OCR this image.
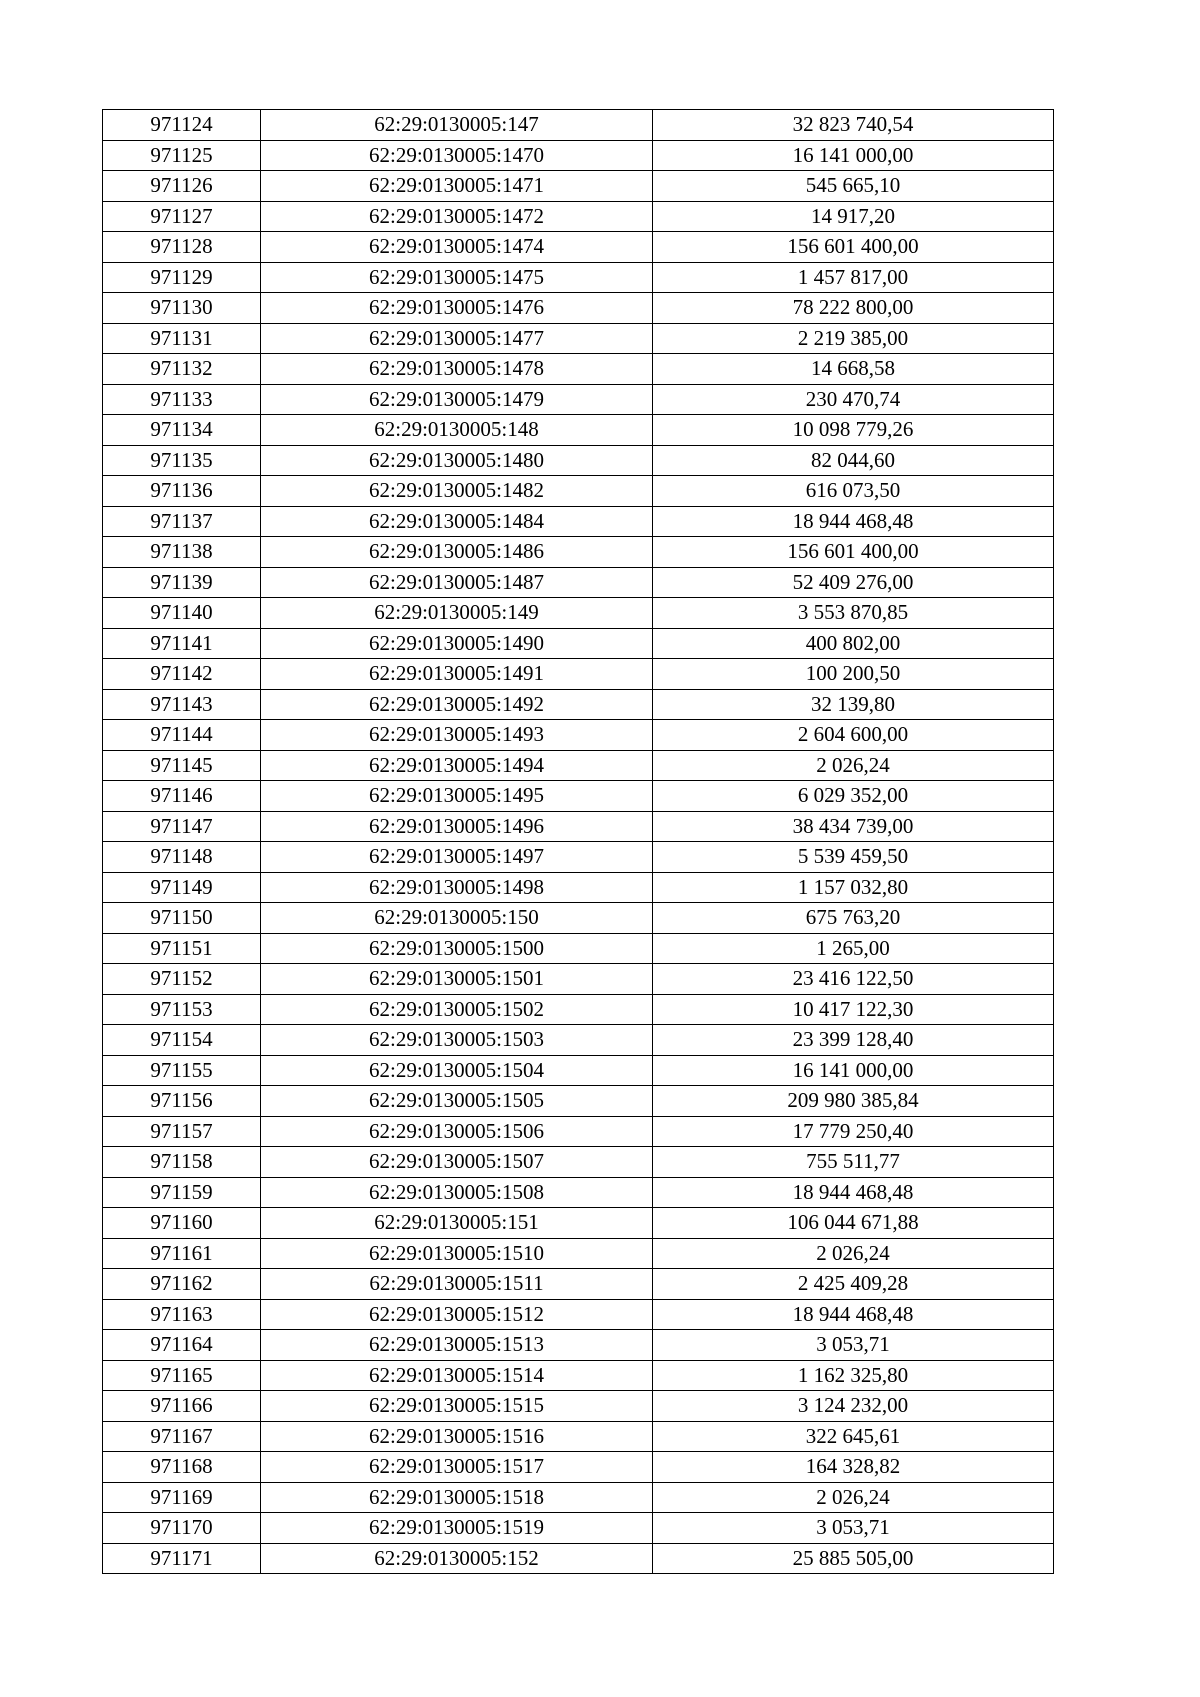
971124	62:29:0130005:147	32 823 740,54
971125	62:29:0130005:1470	16 141 000,00
971126	62:29:0130005:1471	545 665,10
971127	62:29:0130005:1472	14 917,20
971128	62:29:0130005:1474	156 601 400,00
971129	62:29:0130005:1475	1 457 817,00
971130	62:29:0130005:1476	78 222 800,00
971131	62:29:0130005:1477	2 219 385,00
971132	62:29:0130005:1478	14 668,58
971133	62:29:0130005:1479	230 470,74
971134	62:29:0130005:148	10 098 779,26
971135	62:29:0130005:1480	82 044,60
971136	62:29:0130005:1482	616 073,50
971137	62:29:0130005:1484	18 944 468,48
971138	62:29:0130005:1486	156 601 400,00
971139	62:29:0130005:1487	52 409 276,00
971140	62:29:0130005:149	3 553 870,85
971141	62:29:0130005:1490	400 802,00
971142	62:29:0130005:1491	100 200,50
971143	62:29:0130005:1492	32 139,80
971144	62:29:0130005:1493	2 604 600,00
971145	62:29:0130005:1494	2 026,24
971146	62:29:0130005:1495	6 029 352,00
971147	62:29:0130005:1496	38 434 739,00
971148	62:29:0130005:1497	5 539 459,50
971149	62:29:0130005:1498	1 157 032,80
971150	62:29:0130005:150	675 763,20
971151	62:29:0130005:1500	1 265,00
971152	62:29:0130005:1501	23 416 122,50
971153	62:29:0130005:1502	10 417 122,30
971154	62:29:0130005:1503	23 399 128,40
971155	62:29:0130005:1504	16 141 000,00
971156	62:29:0130005:1505	209 980 385,84
971157	62:29:0130005:1506	17 779 250,40
971158	62:29:0130005:1507	755 511,77
971159	62:29:0130005:1508	18 944 468,48
971160	62:29:0130005:151	106 044 671,88
971161	62:29:0130005:1510	2 026,24
971162	62:29:0130005:1511	2 425 409,28
971163	62:29:0130005:1512	18 944 468,48
971164	62:29:0130005:1513	3 053,71
971165	62:29:0130005:1514	1 162 325,80
971166	62:29:0130005:1515	3 124 232,00
971167	62:29:0130005:1516	322 645,61
971168	62:29:0130005:1517	164 328,82
971169	62:29:0130005:1518	2 026,24
971170	62:29:0130005:1519	3 053,71
971171	62:29:0130005:152	25 885 505,00
